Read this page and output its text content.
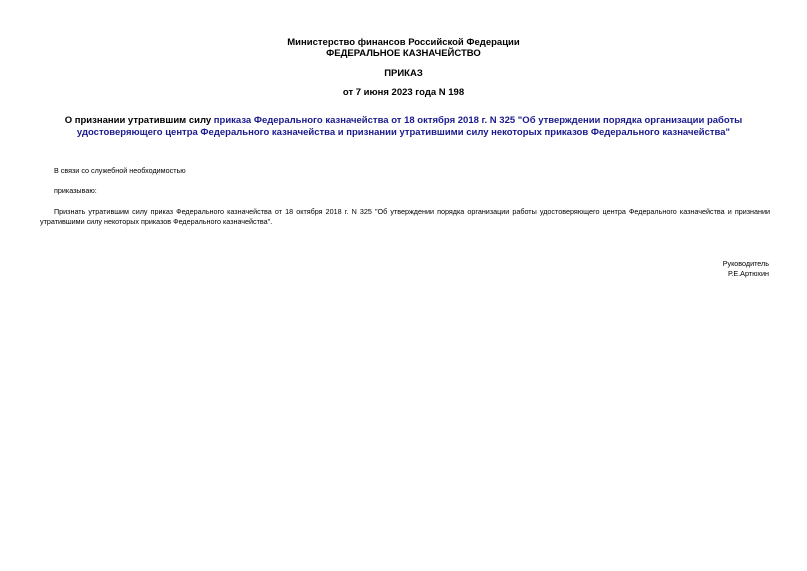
Министерство финансов Российской Федерации
ФЕДЕРАЛЬНОЕ КАЗНАЧЕЙСТВО
ПРИКАЗ
от 7 июня 2023 года N 198
О признании утратившим силу приказа Федерального казначейства от 18 октября 2018 г. N 325 "Об утверждении порядка организации работы удостоверяющего центра Федерального казначейства и признании утратившими силу некоторых приказов Федерального казначейства"
В связи со служебной необходимостью
приказываю:
Признать утратившим силу приказ Федерального казначейства от 18 октября 2018 г. N 325 "Об утверждении порядка организации работы удостоверяющего центра Федерального казначейства и признании утратившими силу некоторых приказов Федерального казначейства".
Руководитель
Р.Е.Артюхин
